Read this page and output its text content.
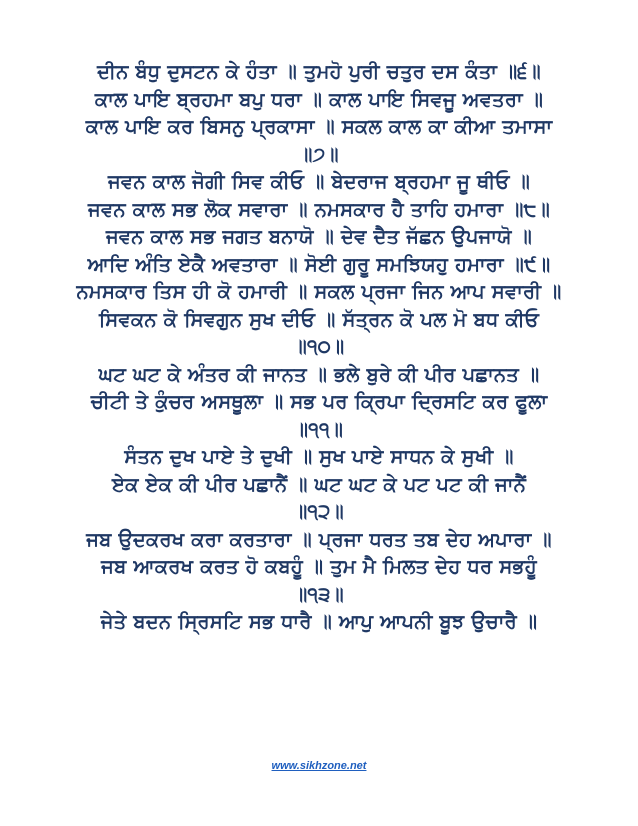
ਦੀਨ ਬੰਧੁ ਦੁਸਟਨ ਕੇ ਹੰਤਾ ॥ ਤੁਮਹੋ ਪੁਰੀ ਚਤੁਰ ਦਸ ਕੰਤਾ ॥੬॥
ਕਾਲ ਪਾਇ ਬ੍ਰਹਮਾ ਬਪੁ ਧਰਾ ॥ ਕਾਲ ਪਾਇ ਸਿਵਜੂ ਅਵਤਰਾ ॥
ਕਾਲ ਪਾਇ ਕਰ ਬਿਸਨੁ ਪ੍ਰਕਾਸਾ ॥ ਸਕਲ ਕਾਲ ਕਾ ਕੀਆ ਤਮਾਸਾ
॥੭॥
ਜਵਨ ਕਾਲ ਜੋਗੀ ਸਿਵ ਕੀਓ ॥ ਬੇਦਰਾਜ ਬ੍ਰਹਮਾ ਜੂ ਥੀਓ ॥
ਜਵਨ ਕਾਲ ਸਭ ਲੋਕ ਸਵਾਰਾ ॥ ਨਮਸਕਾਰ ਹੈ ਤਾਹਿ ਹਮਾਰਾ ॥੮॥
ਜਵਨ ਕਾਲ ਸਭ ਜਗਤ ਬਨਾਯੋ ॥ ਦੇਵ ਦੈਤ ਜੱਛਨ ਉਪਜਾਯੋ ॥
ਆਦਿ ਅੰਤਿ ਏਕੈ ਅਵਤਾਰਾ ॥ ਸੋਈ ਗੁਰੂ ਸਮਝਿਯਹੁ ਹਮਾਰਾ ॥੯॥
ਨਮਸਕਾਰ ਤਿਸ ਹੀ ਕੋ ਹਮਾਰੀ ॥ ਸਕਲ ਪ੍ਰਜਾ ਜਿਨ ਆਪ ਸਵਾਰੀ ॥
ਸਿਵਕਨ ਕੋ ਸਿਵਗੁਨ ਸੁਖ ਦੀਓ ॥ ਸੱਤ੍ਰਨ ਕੋ ਪਲ ਮੋ ਬਧ ਕੀਓ
॥੧੦॥
ਘਟ ਘਟ ਕੇ ਅੰਤਰ ਕੀ ਜਾਨਤ ॥ ਭਲੇ ਬੁਰੇ ਕੀ ਪੀਰ ਪਛਾਨਤ ॥
ਚੀਟੀ ਤੇ ਕੁੰਚਰ ਅਸਥੂਲਾ ॥ ਸਭ ਪਰ ਕ੍ਰਿਪਾ ਦ੍ਰਿਸਟਿ ਕਰ ਫੂਲਾ
॥੧੧॥
ਸੰਤਨ ਦੁਖ ਪਾਏ ਤੇ ਦੁਖੀ ॥ ਸੁਖ ਪਾਏ ਸਾਧਨ ਕੇ ਸੁਖੀ ॥
ਏਕ ਏਕ ਕੀ ਪੀਰ ਪਛਾਨੈਂ ॥ ਘਟ ਘਟ ਕੇ ਪਟ ਪਟ ਕੀ ਜਾਨੈਂ
॥੧੨॥
ਜਬ ਉਦਕਰਖ ਕਰਾ ਕਰਤਾਰਾ ॥ ਪ੍ਰਜਾ ਧਰਤ ਤਬ ਦੇਹ ਅਪਾਰਾ ॥
ਜਬ ਆਕਰਖ ਕਰਤ ਹੋ ਕਬਹੂੰ ॥ ਤੁਮ ਮੈ ਮਿਲਤ ਦੇਹ ਧਰ ਸਭਹੂੰ
॥੧੩॥
ਜੇਤੇ ਬਦਨ ਸ੍ਰਿਸਟਿ ਸਭ ਧਾਰੈ ॥ ਆਪੁ ਆਪਨੀ ਬੂਝ ਉਚਾਰੈ ॥
www.sikhzone.net
